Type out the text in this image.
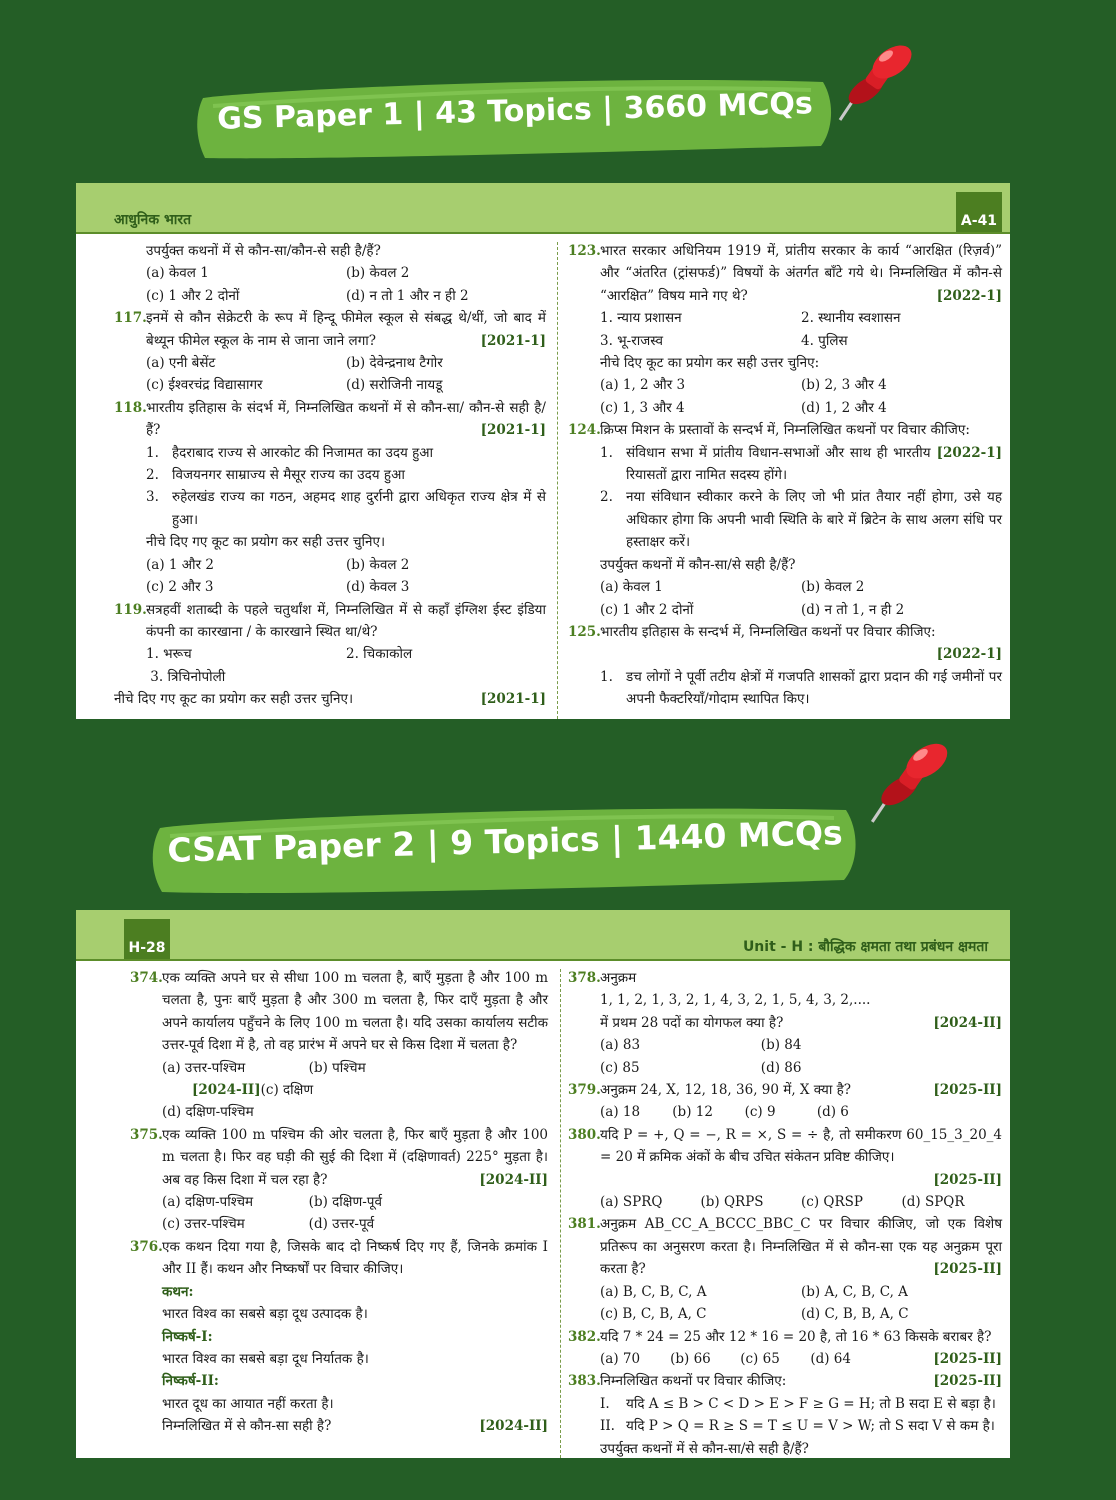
GS Paper 1 | 43 Topics | 3660 MCQs
आधुनिक भारत	A-41
उपर्युक्त कथनों में से कौन-सा/कौन-से सही है/हैं?
(a) केवल 1	(b) केवल 2
(c) 1 और 2 दोनों	(d) न तो 1 और न ही 2
117. इनमें से कौन सेक्रेटरी के रूप में हिन्दू फीमेल स्कूल से संबद्ध थे/थीं, जो बाद में बेथ्यून फीमेल स्कूल के नाम से जाना जाने लगा?	[2021-1]
(a) एनी बेसेंट	(b) देवेन्द्रनाथ टैगोर
(c) ईश्वरचंद्र विद्यासागर	(d) सरोजिनी नायडू
118. भारतीय इतिहास के संदर्भ में, निम्नलिखित कथनों में से कौन-सा/ कौन-से सही है/हैं?	[2021-1]
1. हैदराबाद राज्य से आरकोट की निजामत का उदय हुआ
2. विजयनगर साम्राज्य से मैसूर राज्य का उदय हुआ
3. रुहेलखंड राज्य का गठन, अहमद शाह दुर्रानी द्वारा अधिकृत राज्य क्षेत्र में से हुआ।
नीचे दिए गए कूट का प्रयोग कर सही उत्तर चुनिए।
(a) 1 और 2	(b) केवल 2
(c) 2 और 3	(d) केवल 3
119. सत्रहवीं शताब्दी के पहले चतुर्थांश में, निम्नलिखित में से कहाँ इंग्लिश ईस्ट इंडिया कंपनी का कारखाना / के कारखाने स्थित था/थे?
1. भरूच	2. चिकाकोल
3. त्रिचिनोपोली
नीचे दिए गए कूट का प्रयोग कर सही उत्तर चुनिए।	[2021-1]
123. भारत सरकार अधिनियम 1919 में, प्रांतीय सरकार के कार्य “आरक्षित (रिज़र्व)” और “अंतरित (ट्रांसफर्ड)” विषयों के अंतर्गत बाँटे गये थे। निम्नलिखित में कौन-से “आरक्षित” विषय माने गए थे?	[2022-1]
1. न्याय प्रशासन	2. स्थानीय स्वशासन
3. भू-राजस्व	4. पुलिस
नीचे दिए कूट का प्रयोग कर सही उत्तर चुनिए:
(a) 1, 2 और 3	(b) 2, 3 और 4
(c) 1, 3 और 4	(d) 1, 2 और 4
124. क्रिप्स मिशन के प्रस्तावों के सन्दर्भ में, निम्नलिखित कथनों पर विचार कीजिए:
[2022-1]
1. संविधान सभा में प्रांतीय विधान-सभाओं और साथ ही भारतीय रियासतों द्वारा नामित सदस्य होंगे।
2. नया संविधान स्वीकार करने के लिए जो भी प्रांत तैयार नहीं होगा, उसे यह अधिकार होगा कि अपनी भावी स्थिति के बारे में ब्रिटेन के साथ अलग संधि पर हस्ताक्षर करें।
उपर्युक्त कथनों में कौन-सा/से सही है/हैं?
(a) केवल 1	(b) केवल 2
(c) 1 और 2 दोनों	(d) न तो 1, न ही 2
125. भारतीय इतिहास के सन्दर्भ में, निम्नलिखित कथनों पर विचार कीजिए:
[2022-1]
1. डच लोगों ने पूर्वी तटीय क्षेत्रों में गजपति शासकों द्वारा प्रदान की गई जमीनों पर अपनी फैक्टरियाँ/गोदाम स्थापित किए।
CSAT Paper 2 | 9 Topics | 1440 MCQs
H-28	Unit - H : बौद्धिक क्षमता तथा प्रबंधन क्षमता
374. एक व्यक्ति अपने घर से सीधा 100 m चलता है, बाएँ मुड़ता है और 100 m चलता है, पुनः बाएँ मुड़ता है और 300 m चलता है, फिर दाएँ मुड़ता है और अपने कार्यालय पहुँचने के लिए 100 m चलता है। यदि उसका कार्यालय सटीक उत्तर-पूर्व दिशा में है, तो वह प्रारंभ में अपने घर से किस दिशा में चलता है?
(a) उत्तर-पश्चिम	(b) पश्चिम
[2024-II] (c) दक्षिण
(d) दक्षिण-पश्चिम
375. एक व्यक्ति 100 m पश्चिम की ओर चलता है, फिर बाएँ मुड़ता है और 100 m चलता है। फिर वह घड़ी की सुई की दिशा में (दक्षिणावर्त) 225° मुड़ता है। अब वह किस दिशा में चल रहा है?	[2024-II]
(a) दक्षिण-पश्चिम	(b) दक्षिण-पूर्व
(c) उत्तर-पश्चिम	(d) उत्तर-पूर्व
376. एक कथन दिया गया है, जिसके बाद दो निष्कर्ष दिए गए हैं, जिनके क्रमांक I और II हैं। कथन और निष्कर्षों पर विचार कीजिए।
कथन:
भारत विश्व का सबसे बड़ा दूध उत्पादक है।
निष्कर्ष-I:
भारत विश्व का सबसे बड़ा दूध निर्यातक है।
निष्कर्ष-II:
भारत दूध का आयात नहीं करता है।
निम्नलिखित में से कौन-सा सही है?	[2024-II]
378. अनुक्रम
1, 1, 2, 1, 3, 2, 1, 4, 3, 2, 1, 5, 4, 3, 2,....
में प्रथम 28 पदों का योगफल क्या है?	[2024-II]
(a) 83	(b) 84
(c) 85	(d) 86
379. अनुक्रम 24, X, 12, 18, 36, 90 में, X क्या है?	[2025-II]
(a) 18	(b) 12	(c) 9	(d) 6
380. यदि P = +, Q = −, R = ×, S = ÷ है, तो समीकरण 60_15_3_20_4 = 20 में क्रमिक अंकों के बीच उचित संकेतन प्रविष्ट कीजिए।
[2025-II]
(a) SPRQ	(b) QRPS	(c) QRSP	(d) SPQR
381. अनुक्रम AB_CC_A_BCCC_BBC_C पर विचार कीजिए, जो एक विशेष प्रतिरूप का अनुसरण करता है। निम्नलिखित में से कौन-सा एक यह अनुक्रम पूरा करता है?	[2025-II]
(a) B, C, B, C, A	(b) A, C, B, C, A
(c) B, C, B, A, C	(d) C, B, B, A, C
382. यदि 7 * 24 = 25 और 12 * 16 = 20 है, तो 16 * 63 किसके बराबर है?
[2025-II]
(a) 70	(b) 66	(c) 65	(d) 64
383. निम्नलिखित कथनों पर विचार कीजिए:	[2025-II]
I. यदि A ≤ B > C < D > E > F ≥ G = H; तो B सदा E से बड़ा है।
II. यदि P > Q = R ≥ S = T ≤ U = V > W; तो S सदा V से कम है।
उपर्युक्त कथनों में से कौन-सा/से सही है/हैं?
